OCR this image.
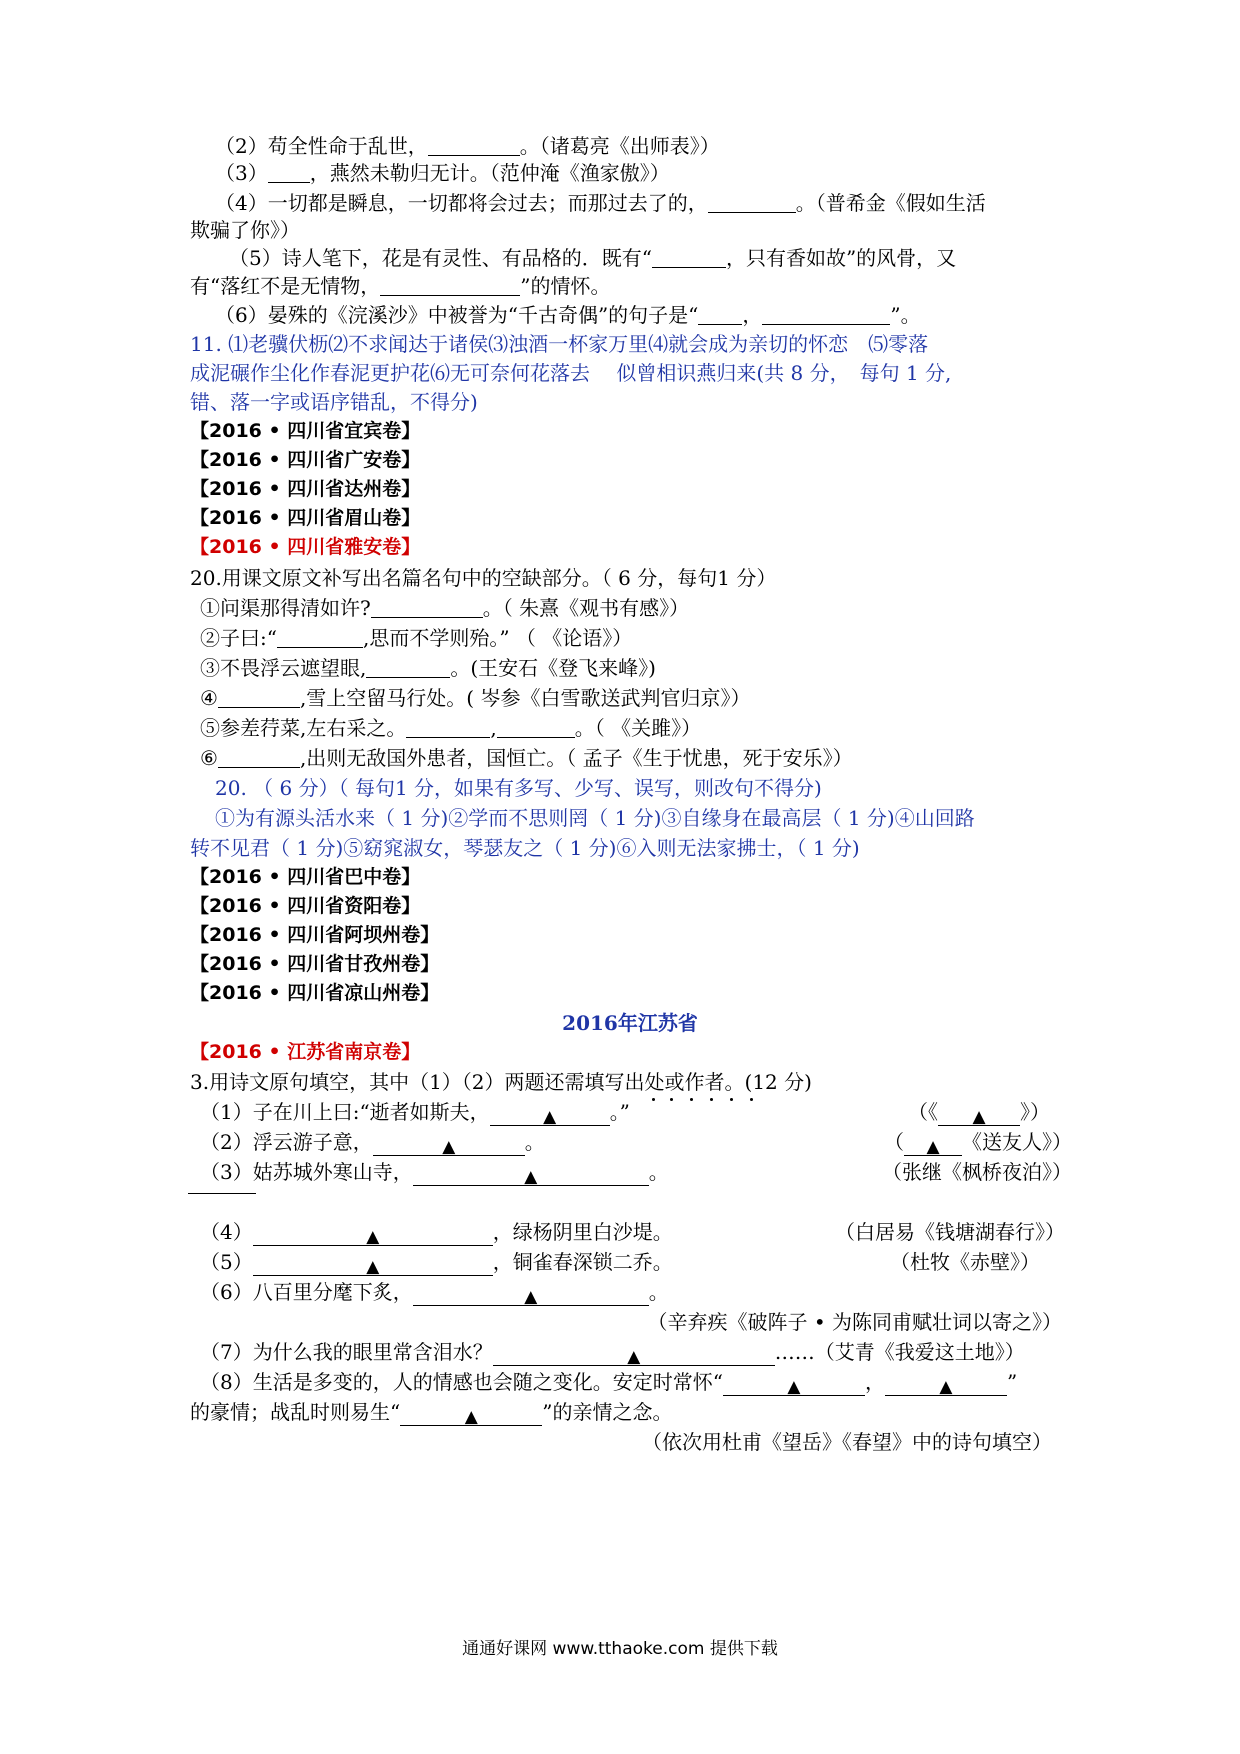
（2）苟全性命于乱世，	。（诸葛亮《出师表》）
（3） ，燕然未勒归无计。（范仲淹《渔家傲》）
（4）一切都是瞬息，一切都将会过去；而那过去了的，	。（普希金《假如生活
欺骗了你》）
（5）诗人笔下，花是有灵性、有品格的．既有“	，只有香如故”的风骨，又
有“落红不是无情物，	”的情怀。
（6）晏殊的《浣溪沙》中被誉为“千古奇偶”的句子是“ ，	”。
11. ⑴老骥伏枥⑵不求闻达于诸侯⑶浊酒一杯家万里⑷就会成为亲切的怀恋　⑸零落
成泥碾作尘化作春泥更护花⑹无可奈何花落去　 似曾相识燕归来(共 8 分，　每句 1 分,
错、落一字或语序错乱，不得分)
【2016 • 四川省宜宾卷】
【2016 • 四川省广安卷】
【2016 • 四川省达州卷】
【2016 • 四川省眉山卷】
【2016 • 四川省雅安卷】
20.用课文原文补写出名篇名句中的空缺部分。（ 6 分，每句1 分）
①问渠那得清如许?	。（ 朱熹《观书有感》）
②子曰:“	,思而不学则殆。” （ 《论语》）
③不畏浮云遮望眼,	。(王安石《登飞来峰》)
④	,雪上空留马行处。( 岑参《白雪歌送武判官归京》）
⑤参差荇菜,左右采之。	,	。（ 《关雎》）
⑥	,出则无敌国外患者，国恒亡。（ 孟子《生于忧患，死于安乐》）
20. （ 6 分）（ 每句1 分，如果有多写、少写、误写，则改句不得分)
①为有源头活水来（ 1 分)②学而不思则罔（ 1 分)③自缘身在最高层（ 1 分)④山回路
转不见君（ 1 分)⑤窈窕淑女，琴瑟友之（ 1 分)⑥入则无法家拂士，（ 1 分)
【2016 • 四川省巴中卷】
【2016 • 四川省资阳卷】
【2016 • 四川省阿坝州卷】
【2016 • 四川省甘孜州卷】
【2016 • 四川省凉山州卷】
2016年江苏省
【2016 • 江苏省南京卷】
3.用诗文原句填空，其中（1）（2）两题还需填写出处或作者。(12 分)
（1）子在川上曰:“逝者如斯夫，	▲	。”	（《 ▲ 》）
（2）浮云游子意，	▲	。	（ ▲ 《送友人》）
（3）姑苏城外寒山寺，	▲	。	（张继《枫桥夜泊》）
（4）	▲	，绿杨阴里白沙堤。	（白居易《钱塘湖春行》）
（5）	▲	，铜雀春深锁二乔。	（杜牧《赤壁》）
（6）八百里分麾下炙，	▲	。
（辛弃疾《破阵子 • 为陈同甫赋壮词以寄之》）
（7）为什么我的眼里常含泪水？	▲	……（艾青《我爱这土地》）
（8）生活是多变的，人的情感也会随之变化。安定时常怀“	▲	，	▲	”
的豪情；战乱时则易生“	▲	”的亲情之念。
（依次用杜甫《望岳》《春望》中的诗句填空）
通通好课网 www.tthaoke.com 提供下载
